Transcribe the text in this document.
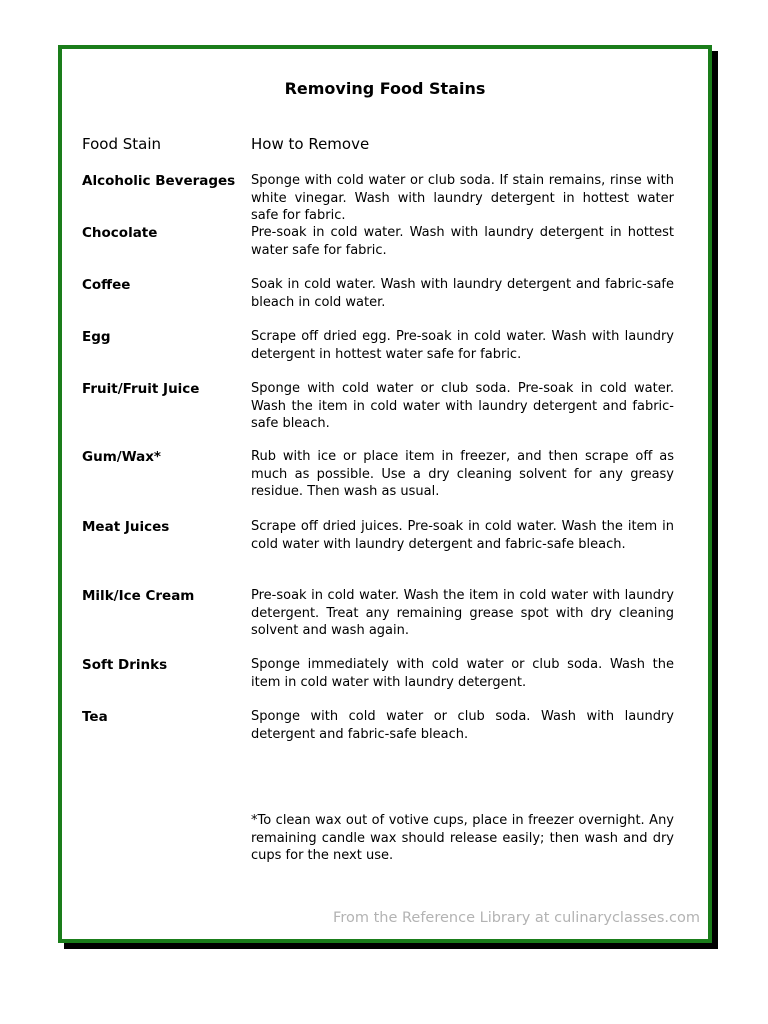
Removing Food Stains
Food Stain	How to Remove
Alcoholic Beverages	Sponge with cold water or club soda. If stain remains, rinse with white vinegar. Wash with laundry detergent in hottest water safe for fabric.
Chocolate	Pre-soak in cold water. Wash with laundry detergent in hottest water safe for fabric.
Coffee	Soak in cold water. Wash with laundry detergent and fabric-safe bleach in cold water.
Egg	Scrape off dried egg. Pre-soak in cold water. Wash with laundry detergent in hottest water safe for fabric.
Fruit/Fruit Juice	Sponge with cold water or club soda. Pre-soak in cold water. Wash the item in cold water with laundry detergent and fabric-safe bleach.
Gum/Wax*	Rub with ice or place item in freezer, and then scrape off as much as possible. Use a dry cleaning solvent for any greasy residue. Then wash as usual.
Meat Juices	Scrape off dried juices. Pre-soak in cold water. Wash the item in cold water with laundry detergent and fabric-safe bleach.
Milk/Ice Cream	Pre-soak in cold water. Wash the item in cold water with laundry detergent. Treat any remaining grease spot with dry cleaning solvent and wash again.
Soft Drinks	Sponge immediately with cold water or club soda. Wash the item in cold water with laundry detergent.
Tea	Sponge with cold water or club soda. Wash with laundry detergent and fabric-safe bleach.
*To clean wax out of votive cups, place in freezer overnight. Any remaining candle wax should release easily; then wash and dry cups for the next use.
From the Reference Library at culinaryclasses.com
